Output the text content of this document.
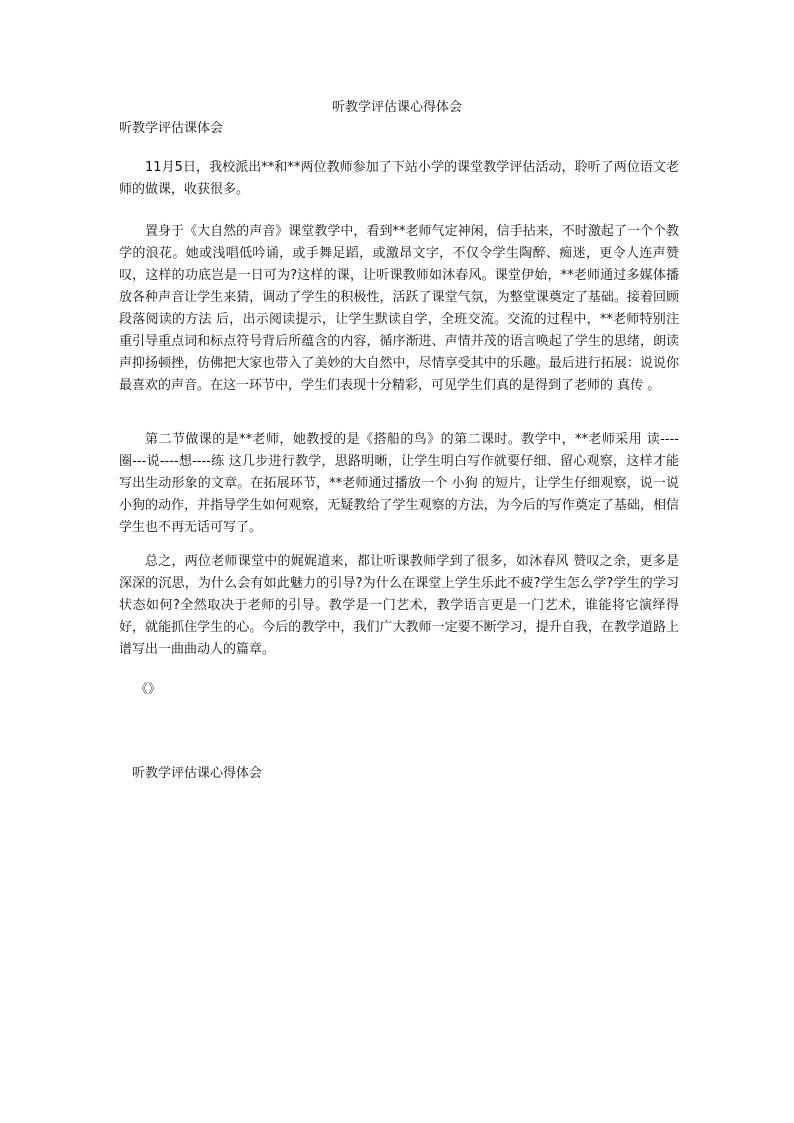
听教学评估课心得体会
听教学评估课体会

11月5日，我校派出**和**两位教师参加了下站小学的课堂教学评估活动，聆听了两位语文老师的做课，收获很多。

置身于《大自然的声音》课堂教学中，看到**老师气定神闲，信手拈来，不时激起了一个个教学的浪花。她或浅唱低吟诵，或手舞足蹈，或激昂文字，不仅令学生陶醉、痴迷，更令人连声赞叹，这样的功底岂是一日可为?这样的课，让听课教师如沐春风。课堂伊始，**老师通过多媒体播放各种声音让学生来猜，调动了学生的积极性，活跃了课堂气氛，为整堂课奠定了基础。接着回顾 段落阅读的方法 后，出示阅读提示，让学生默读自学，全班交流。交流的过程中，**老师特别注重引导重点词和标点符号背后所蕴含的内容，循序渐进、声情并茂的语言唤起了学生的思绪，朗读声抑扬顿挫，仿佛把大家也带入了美妙的大自然中，尽情享受其中的乐趣。最后进行拓展：说说你最喜欢的声音。在这一环节中，学生们表现十分精彩，可见学生们真的是得到了老师的 真传 。

第二节做课的是**老师，她教授的是《搭船的鸟》的第二课时。教学中，**老师采用 读----圈---说----想----练 这几步进行教学，思路明晰，让学生明白写作就要仔细、留心观察，这样才能写出生动形象的文章。在拓展环节，**老师通过播放一个 小狗 的短片，让学生仔细观察，说一说小狗的动作，并指导学生如何观察，无疑教给了学生观察的方法，为今后的写作奠定了基础，相信学生也不再无话可写了。

总之，两位老师课堂中的娓娓道来，都让听课教师学到了很多，如沐春风 赞叹之余，更多是深深的沉思，为什么会有如此魅力的引导?为什么在课堂上学生乐此不疲?学生怎么学?学生的学习状态如何?全然取决于老师的引导。教学是一门艺术，教学语言更是一门艺术，谁能将它演绎得好，就能抓住学生的心。今后的教学中，我们广大教师一定要不断学习，提升自我，在教学道路上谱写出一曲曲动人的篇章。

《》
听教学评估课心得体会
